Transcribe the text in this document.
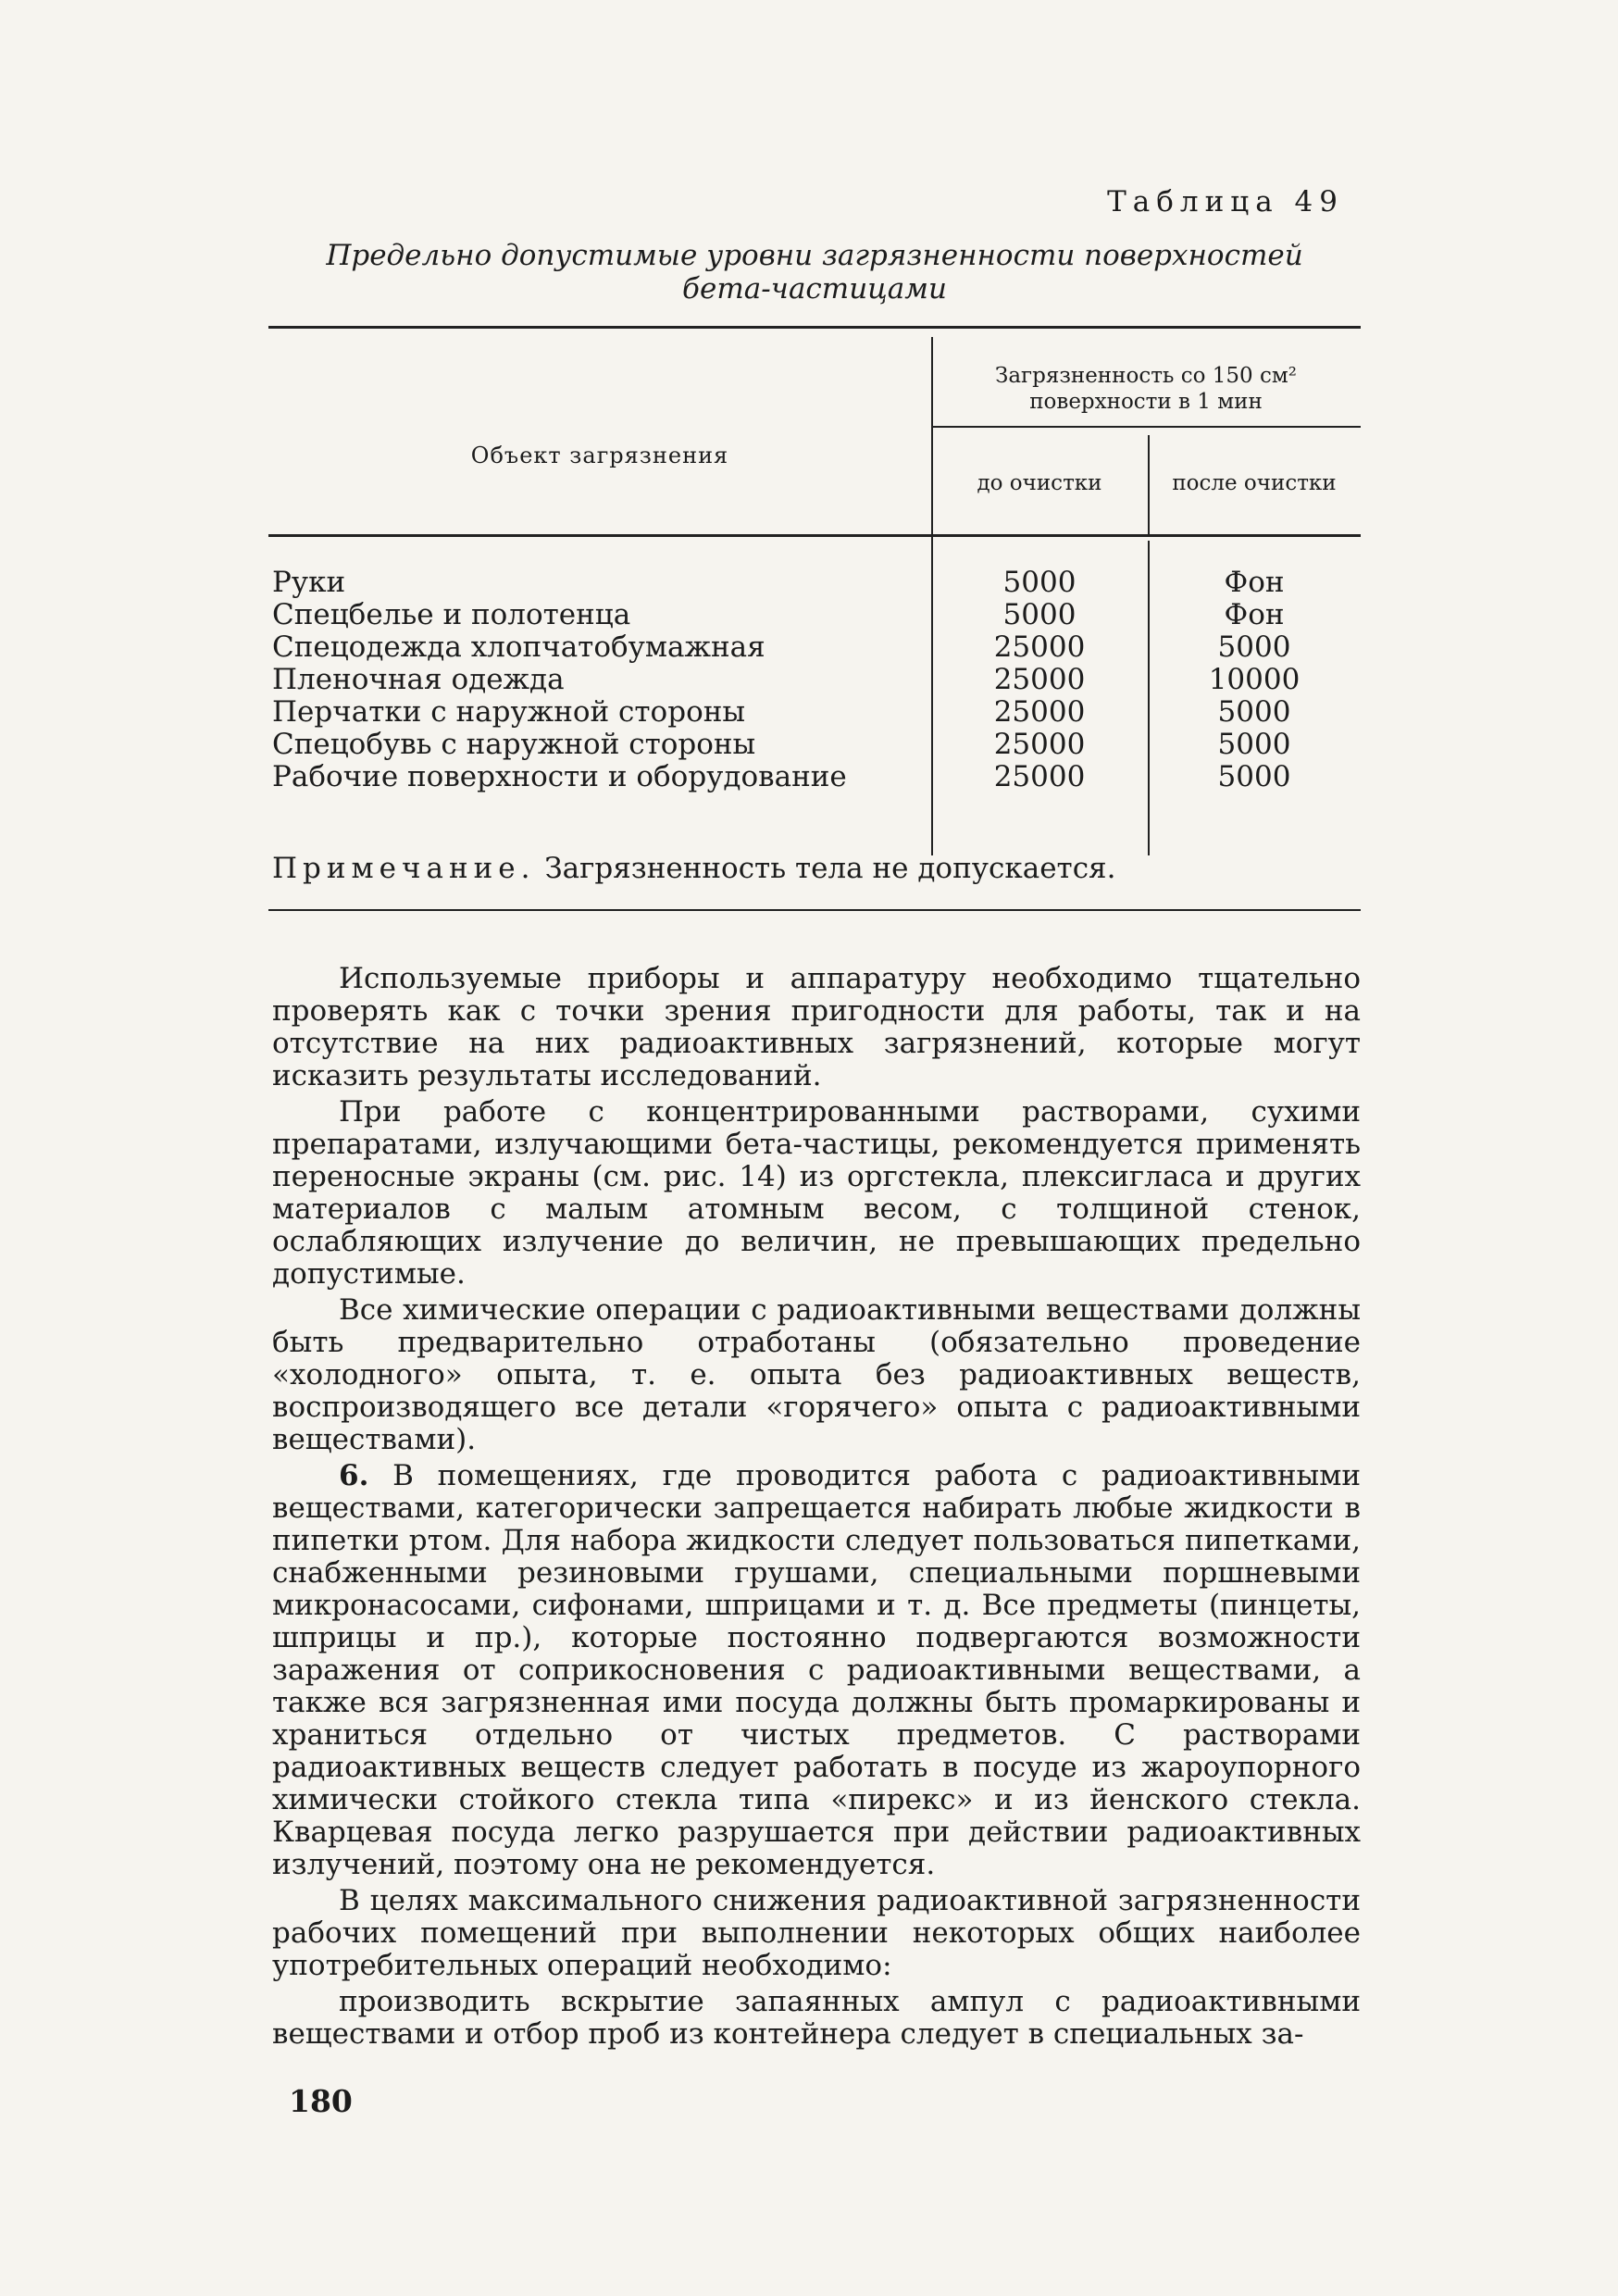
Таблица 49
Предельно допустимые уровни загрязненности поверхностей
бета-частицами
Объект загрязнения
Загрязненность со 150 см²
поверхности в 1 мин
до очистки	после очистки
Руки	5000	Фон
Спецбелье и полотенца	5000	Фон
Спецодежда хлопчатобумажная	25000	5000
Пленочная одежда	25000	10000
Перчатки с наружной стороны	25000	5000
Спецобувь с наружной стороны	25000	5000
Рабочие поверхности и оборудование	25000	5000
Примечание. Загрязненность тела не допускается.

Используемые приборы и аппаратуру необходимо тщательно проверять как с точки зрения пригодности для работы, так и на отсутствие на них радиоактивных загрязнений, которые могут исказить результаты исследований.

При работе с концентрированными растворами, сухими препаратами, излучающими бета-частицы, рекомендуется применять переносные экраны (см. рис. 14) из оргстекла, плексигласа и других материалов с малым атомным весом, с толщиной стенок, ослабляющих излучение до величин, не превышающих предельно допустимые.

Все химические операции с радиоактивными веществами должны быть предварительно отработаны (обязательно проведение «холодного» опыта, т. е. опыта без радиоактивных веществ, воспроизводящего все детали «горячего» опыта с радиоактивными веществами).

6. В помещениях, где проводится работа с радиоактивными веществами, категорически запрещается набирать любые жидкости в пипетки ртом. Для набора жидкости следует пользоваться пипетками, снабженными резиновыми грушами, специальными поршневыми микронасосами, сифонами, шприцами и т. д. Все предметы (пинцеты, шприцы и пр.), которые постоянно подвергаются возможности заражения от соприкосновения с радиоактивными веществами, а также вся загрязненная ими посуда должны быть промаркированы и храниться отдельно от чистых предметов. С растворами радиоактивных веществ следует работать в посуде из жароупорного химически стойкого стекла типа «пирекс» и из йенского стекла. Кварцевая посуда легко разрушается при действии радиоактивных излучений, поэтому она не рекомендуется.

В целях максимального снижения радиоактивной загрязненности рабочих помещений при выполнении некоторых общих наиболее употребительных операций необходимо:

производить вскрытие запаянных ампул с радиоактивными веществами и отбор проб из контейнера следует в специальных за-

180
